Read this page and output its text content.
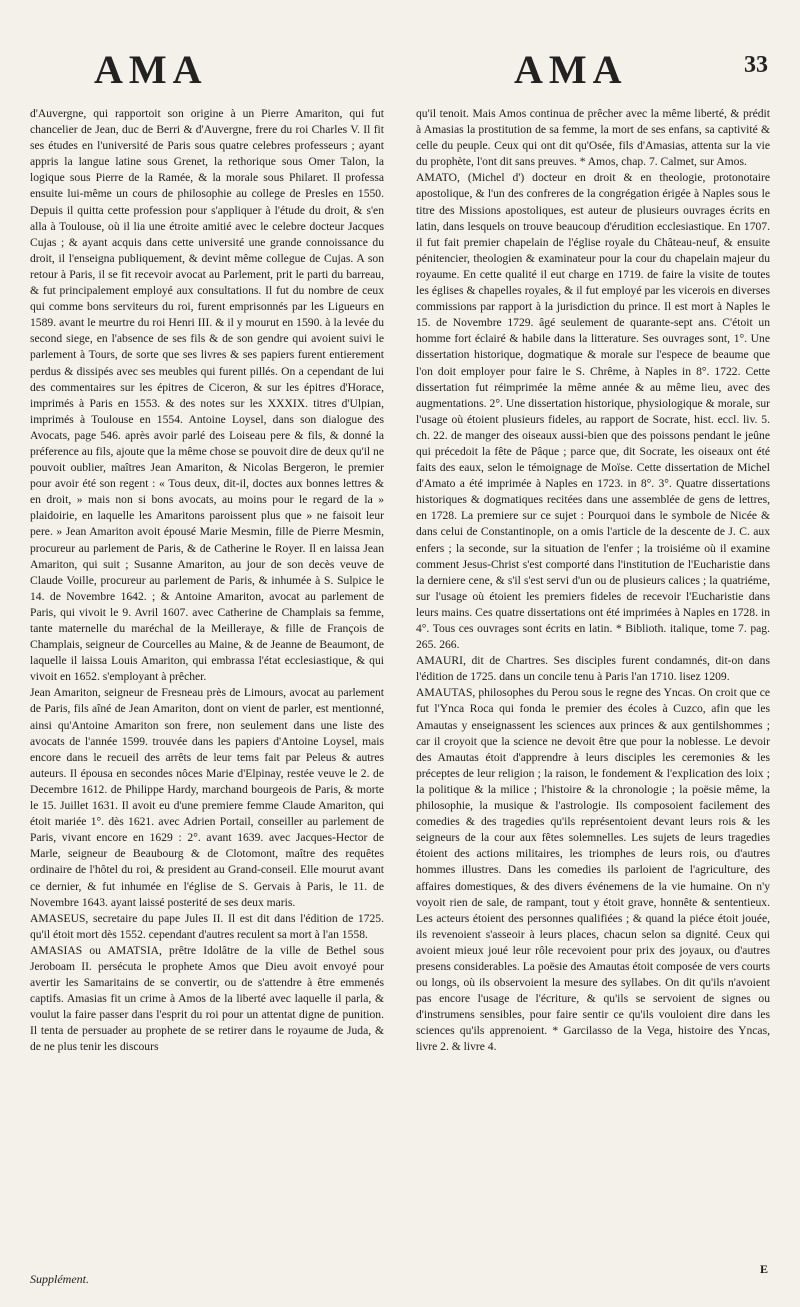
AMA	AMA	33

d'Auvergne, qui rapportoit son origine à un Pierre Amariton, qui fut chancelier de Jean, duc de Berri & d'Auvergne, frere du roi Charles V. Il fit ses études en l'université de Paris sous quatre celebres professeurs ; ayant appris la langue latine sous Grenet, la rethorique sous Omer Talon, la logique sous Pierre de la Ramée, & la morale sous Philaret. Il professa ensuite lui-même un cours de philosophie au college de Presles en 1550. Depuis il quitta cette profession pour s'appliquer à l'étude du droit, & s'en alla à Toulouse, où il lia une étroite amitié avec le celebre docteur Jacques Cujas ; & ayant acquis dans cette université une grande connoissance du droit, il l'enseigna publiquement, & devint même collegue de Cujas. A son retour à Paris, il se fit recevoir avocat au Parlement, prit le parti du barreau, & fut principalement employé aux consultations. Il fut du nombre de ceux qui comme bons serviteurs du roi, furent emprisonnés par les Ligueurs en 1589. avant le meurtre du roi Henri III. & il y mourut en 1590. à la levée du second siege, en l'absence de ses fils & de son gendre qui avoient suivi le parlement à Tours, de sorte que ses livres & ses papiers furent entierement perdus & dissipés avec ses meubles qui furent pillés. On a cependant de lui des commentaires sur les épitres de Ciceron, & sur les épitres d'Horace, imprimés à Paris en 1553. & des notes sur les XXXIX. titres d'Ulpian, imprimés à Toulouse en 1554. Antoine Loysel, dans son dialogue des Avocats, page 546. après avoir parlé des Loiseau pere & fils, & donné la préference au fils, ajoute que la même chose se pouvoit dire de deux qu'il ne pouvoit oublier, maîtres Jean Amariton, & Nicolas Bergeron, le premier pour avoir été son regent : « Tous deux, dit-il, doctes aux bonnes lettres & en droit, » mais non si bons avocats, au moins pour le regard de la » plaidoirie, en laquelle les Amaritons paroissent plus que » ne faisoit leur pere. » Jean Amariton avoit épousé Marie Mesmin, fille de Pierre Mesmin, procureur au parlement de Paris, & de Catherine le Royer. Il en laissa Jean Amariton, qui suit ; Susanne Amariton, au jour de son decès veuve de Claude Voille, procureur au parlement de Paris, & inhumée à S. Sulpice le 14. de Novembre 1642. ; & Antoine Amariton, avocat au parlement de Paris, qui vivoit le 9. Avril 1607. avec Catherine de Champlais sa femme, tante maternelle du maréchal de la Meilleraye, & fille de François de Champlais, seigneur de Courcelles au Maine, & de Jeanne de Beaumont, de laquelle il laissa Louis Amariton, qui embrassa l'état ecclesiastique, & qui vivoit en 1652. s'employant à prêcher.

Jean Amariton, seigneur de Fresneau près de Limours, avocat au parlement de Paris, fils aîné de Jean Amariton, dont on vient de parler, est mentionné, ainsi qu'Antoine Amariton son frere, non seulement dans une liste des avocats de l'année 1599. trouvée dans les papiers d'Antoine Loysel, mais encore dans le recueil des arrêts de leur tems fait par Peleus & autres auteurs. Il épousa en secondes nôces Marie d'Elpinay, restée veuve le 2. de Decembre 1612. de Philippe Hardy, marchand bourgeois de Paris, & morte le 15. Juillet 1631. Il avoit eu d'une premiere femme Claude Amariton, qui étoit mariée 1°. dès 1621. avec Adrien Portail, conseiller au parlement de Paris, vivant encore en 1629 : 2°. avant 1639. avec Jacques-Hector de Marle, seigneur de Beaubourg & de Clotomont, maître des requêtes ordinaire de l'hôtel du roi, & president au Grand-conseil. Elle mourut avant ce dernier, & fut inhumée en l'église de S. Gervais à Paris, le 11. de Novembre 1643. ayant laissé posterité de ses deux maris.

AMASEUS, secretaire du pape Jules II. Il est dit dans l'édition de 1725. qu'il étoit mort dès 1552. cependant d'autres reculent sa mort à l'an 1558.

AMASIAS ou AMATSIA, prêtre Idolâtre de la ville de Bethel sous Jeroboam II. persécuta le prophete Amos que Dieu avoit envoyé pour avertir les Samaritains de se convertir, ou de s'attendre à être emmenés captifs. Amasias fit un crime à Amos de la liberté avec laquelle il parla, & voulut la faire passer dans l'esprit du roi pour un attentat digne de punition. Il tenta de persuader au prophete de se retirer dans le royaume de Juda, & de ne plus tenir les discours

qu'il tenoit. Mais Amos continua de prêcher avec la même liberté, & prédit à Amasias la prostitution de sa femme, la mort de ses enfans, sa captivité & celle du peuple. Ceux qui ont dit qu'Osée, fils d'Amasias, attenta sur la vie du prophète, l'ont dit sans preuves. * Amos, chap. 7. Calmet, sur Amos.

AMATO, (Michel d') docteur en droit & en theologie, protonotaire apostolique, & l'un des confreres de la congrégation érigée à Naples sous le titre des Missions apostoliques, est auteur de plusieurs ouvrages écrits en latin, dans lesquels on trouve beaucoup d'érudition ecclesiastique. En 1707. il fut fait premier chapelain de l'église royale du Château-neuf, & ensuite pénitencier, theologien & examinateur pour la cour du chapelain majeur du royaume. En cette qualité il eut charge en 1719. de faire la visite de toutes les églises & chapelles royales, & il fut employé par les vicerois en diverses commissions par rapport à la jurisdiction du prince. Il est mort à Naples le 15. de Novembre 1729. âgé seulement de quarante-sept ans. C'étoit un homme fort éclairé & habile dans la litterature. Ses ouvrages sont, 1°. Une dissertation historique, dogmatique & morale sur l'espece de beaume que l'on doit employer pour faire le S. Chrême, à Naples in 8°. 1722. Cette dissertation fut réimprimée la même année & au même lieu, avec des augmentations. 2°. Une dissertation historique, physiologique & morale, sur l'usage où étoient plusieurs fideles, au rapport de Socrate, hist. eccl. liv. 5. ch. 22. de manger des oiseaux aussi-bien que des poissons pendant le jeûne qui précedoit la fête de Pâque ; parce que, dit Socrate, les oiseaux ont été faits des eaux, selon le témoignage de Moïse. Cette dissertation de Michel d'Amato a été imprimée à Naples en 1723. in 8°. 3°. Quatre dissertations historiques & dogmatiques recitées dans une assemblée de gens de lettres, en 1728. La premiere sur ce sujet : Pourquoi dans le symbole de Nicée & dans celui de Constantinople, on a omis l'article de la descente de J. C. aux enfers ; la seconde, sur la situation de l'enfer ; la troisiéme où il examine comment Jesus-Christ s'est comporté dans l'institution de l'Eucharistie dans la derniere cene, & s'il s'est servi d'un ou de plusieurs calices ; la quatriéme, sur l'usage où étoient les premiers fideles de recevoir l'Eucharistie dans leurs mains. Ces quatre dissertations ont été imprimées à Naples en 1728. in 4°. Tous ces ouvrages sont écrits en latin. * Biblioth. italique, tome 7. pag. 265. 266.

AMAURI, dit de Chartres. Ses disciples furent condamnés, dit-on dans l'édition de 1725. dans un concile tenu à Paris l'an 1710. lisez 1209.

AMAUTAS, philosophes du Perou sous le regne des Yncas. On croit que ce fut l'Ynca Roca qui fonda le premier des écoles à Cuzco, afin que les Amautas y enseignassent les sciences aux princes & aux gentilshommes ; car il croyoit que la science ne devoit être que pour la noblesse. Le devoir des Amautas étoit d'apprendre à leurs disciples les ceremonies & les préceptes de leur religion ; la raison, le fondement & l'explication des loix ; la politique & la milice ; l'histoire & la chronologie ; la poësie même, la philosophie, la musique & l'astrologie. Ils composoient facilement des comedies & des tragedies qu'ils représentoient devant leurs rois & les seigneurs de la cour aux fêtes solemnelles. Les sujets de leurs tragedies étoient des actions militaires, les triomphes de leurs rois, ou d'autres hommes illustres. Dans les comedies ils parloient de l'agriculture, des affaires domestiques, & des divers événemens de la vie humaine. On n'y voyoit rien de sale, de rampant, tout y étoit grave, honnête & sententieux. Les acteurs étoient des personnes qualifiées ; & quand la piéce étoit jouée, ils revenoient s'asseoir à leurs places, chacun selon sa dignité. Ceux qui avoient mieux joué leur rôle recevoient pour prix des joyaux, ou d'autres presens considerables. La poësie des Amautas étoit composée de vers courts ou longs, où ils observoient la mesure des syllabes. On dit qu'ils n'avoient pas encore l'usage de l'écriture, & qu'ils se servoient de signes ou d'instrumens sensibles, pour faire sentir ce qu'ils vouloient dire dans les sciences qu'ils apprenoient. * Garcilasso de la Vega, histoire des Yncas, livre 2. & livre 4.

Supplément.
E
